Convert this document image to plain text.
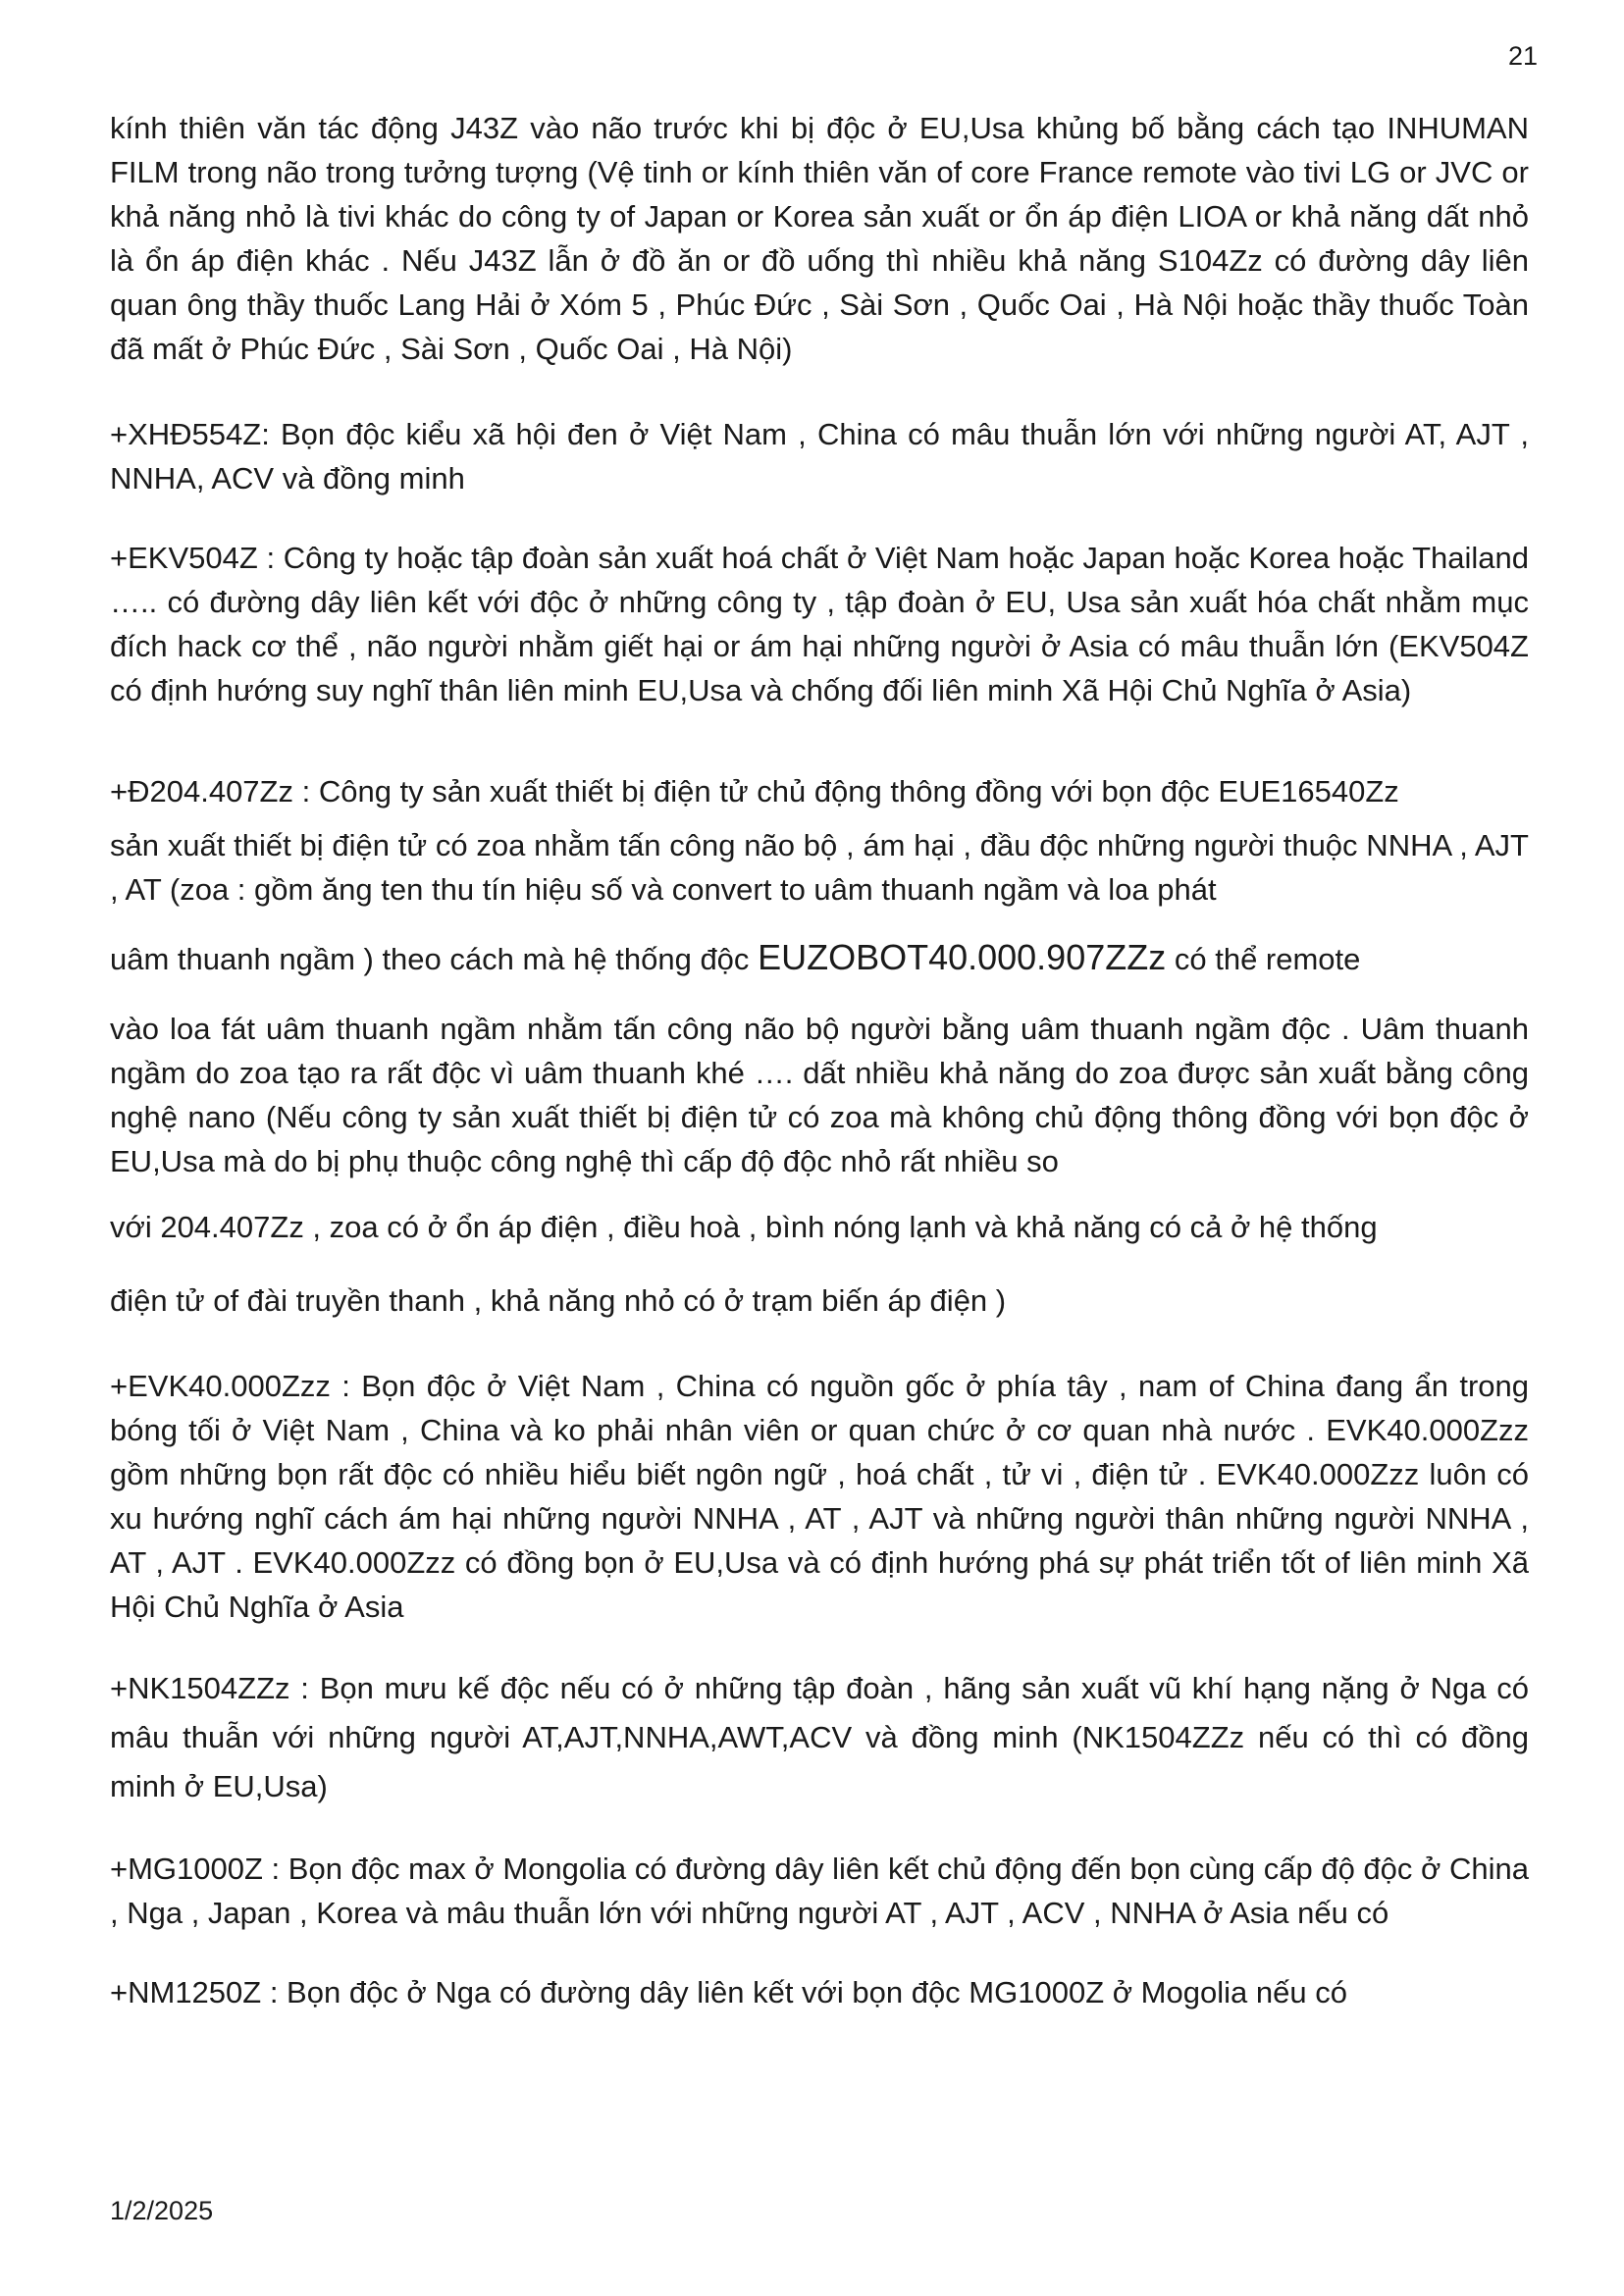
21

kính thiên văn tác động J43Z vào não trước khi bị độc ở EU,Usa khủng bố bằng cách tạo INHUMAN FILM trong não trong tưởng tượng (Vệ tinh or kính thiên văn of core France remote vào tivi LG or JVC or khả năng nhỏ là tivi khác do công ty of Japan or Korea sản xuất or ổn áp điện LIOA or khả năng dất nhỏ là ổn áp điện khác . Nếu J43Z lẫn ở đồ ăn or đồ uống thì nhiều khả năng S104Zz có đường dây liên quan ông thầy thuốc Lang Hải ở Xóm 5 , Phúc Đức , Sài Sơn , Quốc Oai , Hà Nội hoặc thầy thuốc Toàn đã mất ở Phúc Đức , Sài Sơn , Quốc Oai , Hà Nội)

+XHĐ554Z: Bọn độc kiểu xã hội đen ở Việt Nam , China có mâu thuẫn lớn với những người AT, AJT , NNHA, ACV và đồng minh

+EKV504Z : Công ty hoặc tập đoàn sản xuất hoá chất ở Việt Nam hoặc Japan hoặc Korea hoặc Thailand ….. có đường dây liên kết với độc ở những công ty , tập đoàn ở EU, Usa sản xuất hóa chất nhằm mục đích hack cơ thể , não người nhằm giết hại or ám hại những người ở Asia có mâu thuẫn lớn (EKV504Z có định hướng suy nghĩ thân liên minh EU,Usa và chống đối liên minh Xã Hội Chủ Nghĩa ở Asia)

+Đ204.407Zz : Công ty sản xuất thiết bị điện tử chủ động thông đồng với bọn độc EUE16540Zz

sản xuất thiết bị điện tử có zoa nhằm tấn công não bộ , ám hại , đầu độc những người thuộc NNHA , AJT , AT (zoa : gồm ăng ten thu tín hiệu số và convert to uâm thuanh ngầm và loa phát

uâm thuanh ngầm ) theo cách mà hệ thống độc EUZOBOT40.000.907ZZz có thể remote

vào loa fát uâm thuanh ngầm nhằm tấn công não bộ người bằng uâm thuanh ngầm độc . Uâm thuanh ngầm do zoa tạo ra rất độc vì uâm thuanh khé …. dất nhiều khả năng do zoa được sản xuất bằng công nghệ nano (Nếu công ty sản xuất thiết bị điện tử có zoa mà không chủ động thông đồng với bọn độc ở EU,Usa mà do bị phụ thuộc công nghệ thì cấp độ độc nhỏ rất nhiều so

với 204.407Zz , zoa có ở ổn áp điện , điều hoà , bình nóng lạnh và khả năng có cả ở hệ thống

điện tử of đài truyền thanh , khả năng nhỏ có ở trạm biến áp điện )

+EVK40.000Zzz : Bọn độc ở Việt Nam , China có nguồn gốc ở phía tây , nam of China đang ẩn trong bóng tối ở Việt Nam , China và ko phải nhân viên or quan chức ở cơ quan nhà nước . EVK40.000Zzz gồm những bọn rất độc có nhiều hiểu biết ngôn ngữ , hoá chất , tử vi , điện tử . EVK40.000Zzz luôn có xu hướng nghĩ cách ám hại những người NNHA , AT , AJT và những người thân những người NNHA , AT , AJT . EVK40.000Zzz có đồng bọn ở EU,Usa và có định hướng phá sự phát triển tốt of liên minh Xã Hội Chủ Nghĩa ở Asia

+NK1504ZZz : Bọn mưu kế độc nếu có ở những tập đoàn , hãng sản xuất vũ khí hạng nặng ở Nga có mâu thuẫn với những người AT,AJT,NNHA,AWT,ACV và đồng minh (NK1504ZZz nếu có thì có đồng minh ở EU,Usa)

+MG1000Z : Bọn độc max ở Mongolia có đường dây liên kết chủ động đến bọn cùng cấp độ độc ở China , Nga , Japan , Korea và mâu thuẫn lớn với những người AT , AJT , ACV , NNHA ở Asia nếu có

+NM1250Z : Bọn độc ở Nga có đường dây liên kết với bọn độc MG1000Z ở Mogolia nếu có

1/2/2025
